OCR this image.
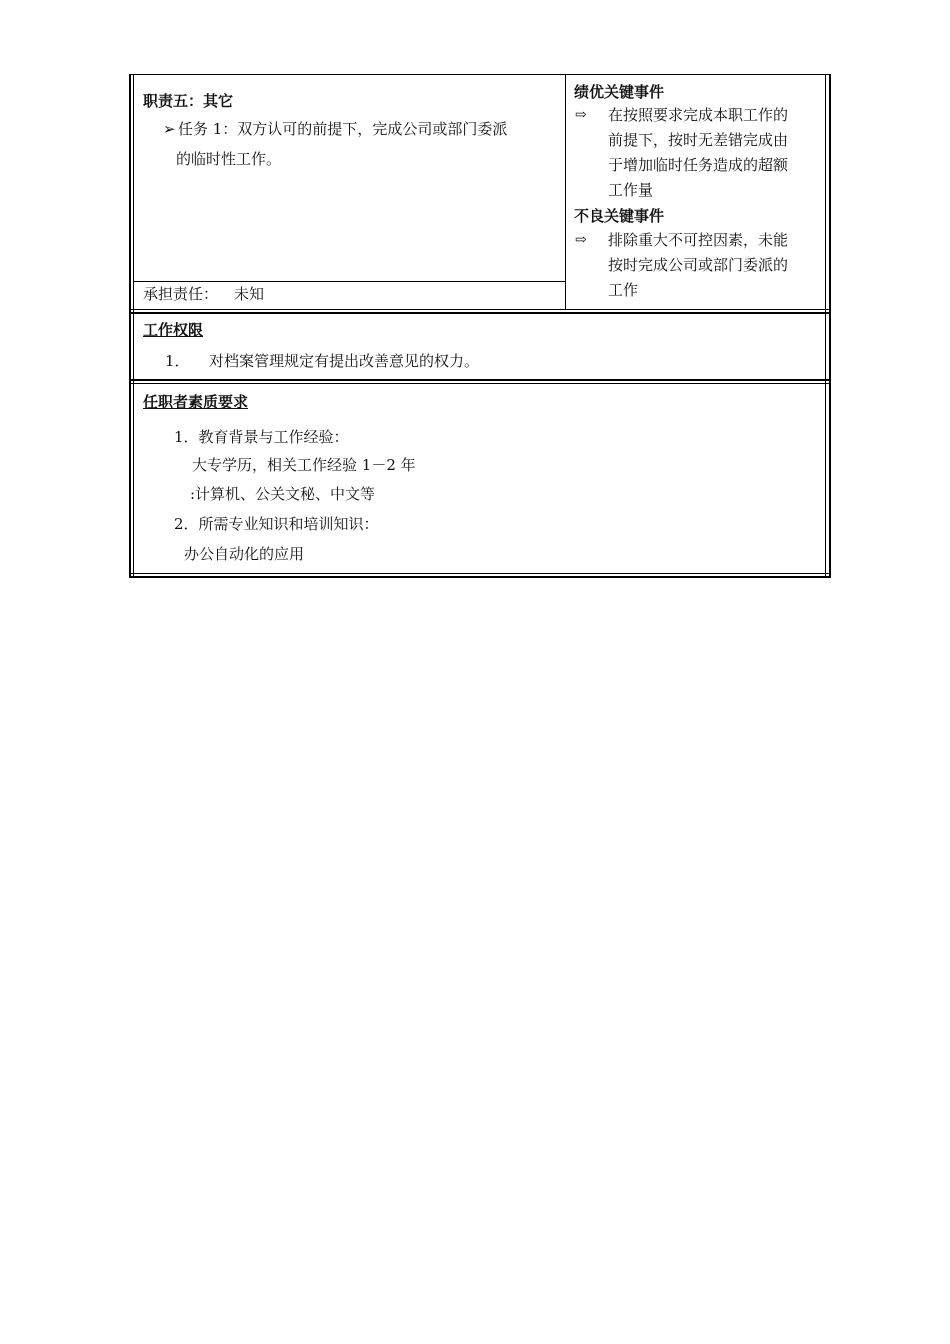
职责五：其它
➢ 任务 1：双方认可的前提下，完成公司或部门委派
的临时性工作。
承担责任： 未知
绩优关键事件
⇨ 在按照要求完成本职工作的
前提下，按时无差错完成由
于增加临时任务造成的超额
工作量
不良关键事件
⇨ 排除重大不可控因素，未能
按时完成公司或部门委派的
工作
工作权限
1． 对档案管理规定有提出改善意见的权力。
任职者素质要求
1．教育背景与工作经验：
大专学历，相关工作经验 1－2 年
:计算机、公关文秘、中文等
2．所需专业知识和培训知识：
办公自动化的应用
